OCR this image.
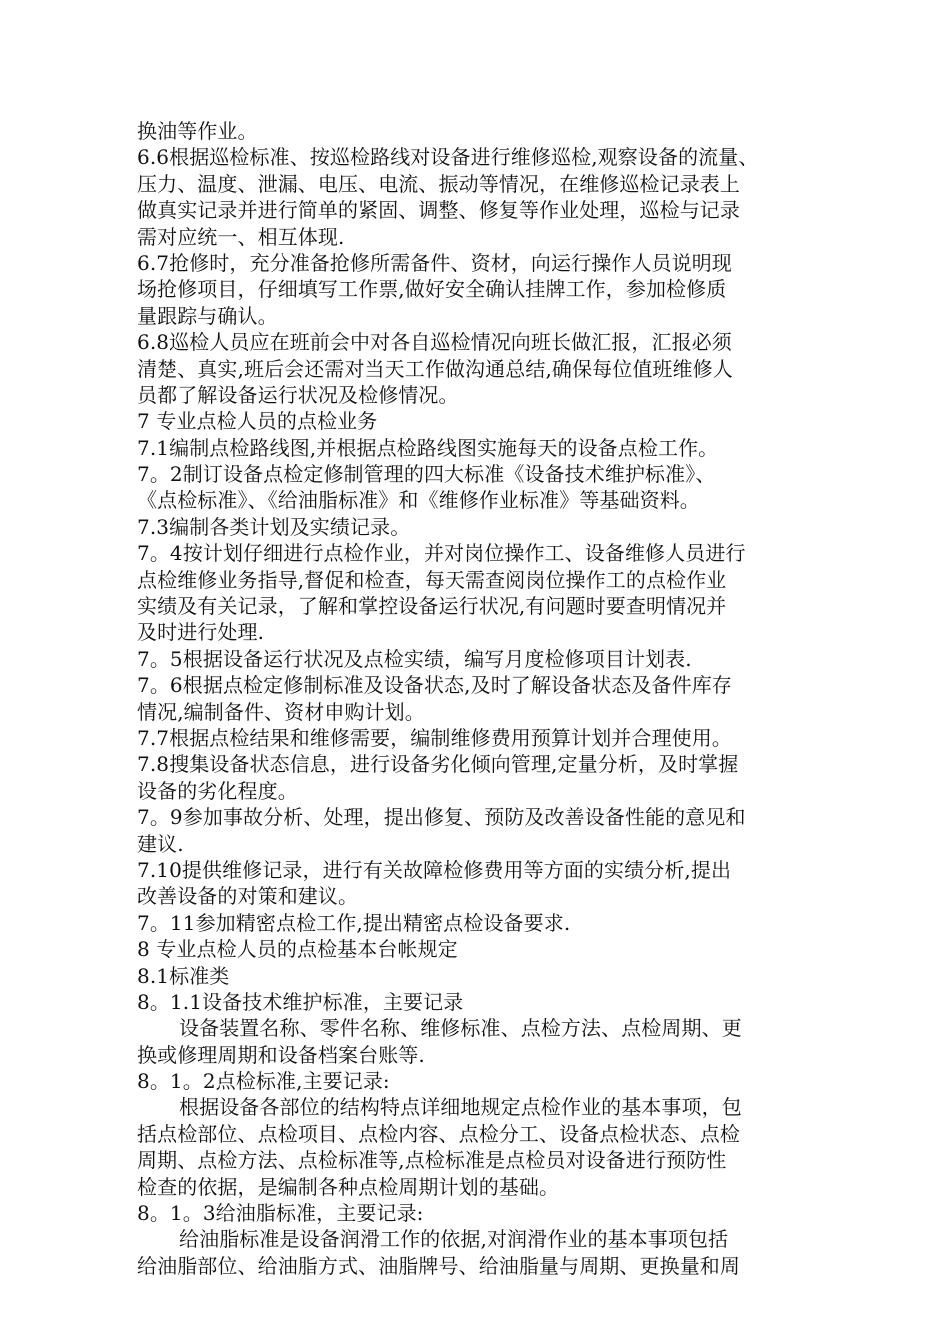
换油等作业。
6.6根据巡检标准、按巡检路线对设备进行维修巡检,观察设备的流量、
压力、温度、泄漏、电压、电流、振动等情况，在维修巡检记录表上
做真实记录并进行简单的紧固、调整、修复等作业处理，巡检与记录
需对应统一、相互体现.
6.7抢修时，充分准备抢修所需备件、资材，向运行操作人员说明现
场抢修项目，仔细填写工作票,做好安全确认挂牌工作，参加检修质
量跟踪与确认。
6.8巡检人员应在班前会中对各自巡检情况向班长做汇报，汇报必须
清楚、真实,班后会还需对当天工作做沟通总结,确保每位值班维修人
员都了解设备运行状况及检修情况。
7 专业点检人员的点检业务
7.1编制点检路线图,并根据点检路线图实施每天的设备点检工作。
7。2制订设备点检定修制管理的四大标准《设备技术维护标准》、
《点检标准》、《给油脂标准》和《维修作业标准》等基础资料。
7.3编制各类计划及实绩记录。
7。4按计划仔细进行点检作业，并对岗位操作工、设备维修人员进行
点检维修业务指导,督促和检查，每天需查阅岗位操作工的点检作业
实绩及有关记录，了解和掌控设备运行状况,有问题时要查明情况并
及时进行处理.
7。5根据设备运行状况及点检实绩，编写月度检修项目计划表.
7。6根据点检定修制标准及设备状态,及时了解设备状态及备件库存
情况,编制备件、资材申购计划。
7.7根据点检结果和维修需要，编制维修费用预算计划并合理使用。
7.8搜集设备状态信息，进行设备劣化倾向管理,定量分析，及时掌握
设备的劣化程度。
7。9参加事故分析、处理，提出修复、预防及改善设备性能的意见和
建议.
7.10提供维修记录，进行有关故障检修费用等方面的实绩分析,提出
改善设备的对策和建议。
7。11参加精密点检工作,提出精密点检设备要求.
8 专业点检人员的点检基本台帐规定
8.1标准类
8。1.1设备技术维护标准，主要记录
设备装置名称、零件名称、维修标准、点检方法、点检周期、更
换或修理周期和设备档案台账等.
8。1。2点检标准,主要记录:
根据设备各部位的结构特点详细地规定点检作业的基本事项，包
括点检部位、点检项目、点检内容、点检分工、设备点检状态、点检
周期、点检方法、点检标准等,点检标准是点检员对设备进行预防性
检查的依据，是编制各种点检周期计划的基础。
8。1。3给油脂标准，主要记录:
给油脂标准是设备润滑工作的依据,对润滑作业的基本事项包括
给油脂部位、给油脂方式、油脂牌号、给油脂量与周期、更换量和周
